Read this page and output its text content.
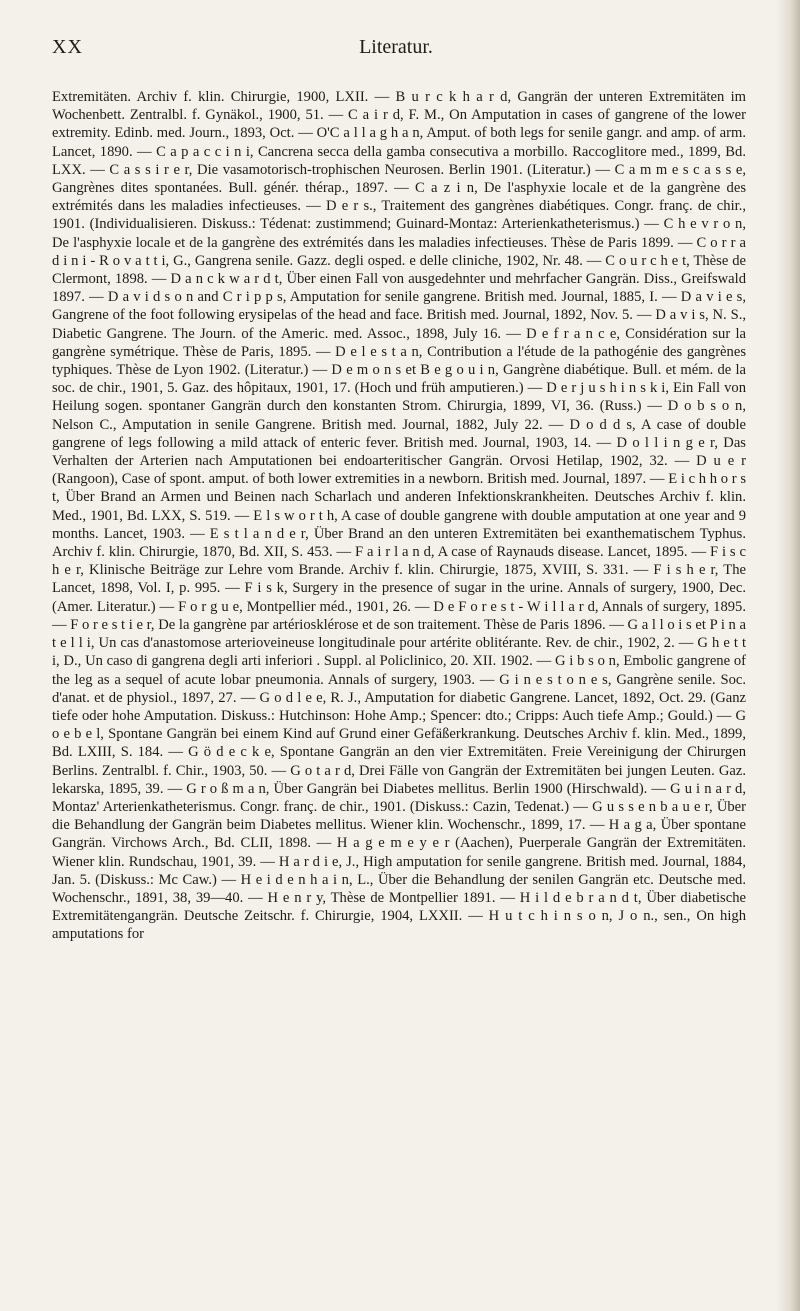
XX	Literatur.

Extremitäten. Archiv f. klin. Chirurgie, 1900, LXII. — B u r c k h a r d, Gangrän der unteren Extremitäten im Wochenbett. Zentralbl. f. Gynäkol., 1900, 51. — C a i r d, F. M., On Amputation in cases of gangrene of the lower extremity. Edinb. med. Journ., 1893, Oct. — O'C a l l a g h a n, Amput. of both legs for senile gangr. and amp. of arm. Lancet, 1890. — C a p a c c i n i, Cancrena secca della gamba consecutiva a morbillo. Raccoglitore med., 1899, Bd. LXX. — C a s s i r e r, Die vasamotorisch-trophischen Neurosen. Berlin 1901. (Literatur.) — C a m m e s c a s s e, Gangrènes dites spontanées. Bull. génér. thérap., 1897. — C a z i n, De l'asphyxie locale et de la gangrène des extrémités dans les maladies infectieuses. — D e r s., Traitement des gangrènes diabétiques. Congr. franç. de chir., 1901. (Individualisieren. Diskuss.: Tédenat: zustimmend; Guinard-Montaz: Arterienkatheterismus.) — C h e v r o n, De l'asphyxie locale et de la gangrène des extrémités dans les maladies infectieuses. Thèse de Paris 1899. — C o r r a d i n i - R o v a t t i, G., Gangrena senile. Gazz. degli osped. e delle cliniche, 1902, Nr. 48. — C o u r c h e t, Thèse de Clermont, 1898. — D a n c k w a r d t, Über einen Fall von ausgedehnter und mehrfacher Gangrän. Diss., Greifswald 1897. — D a v i d s o n and C r i p p s, Amputation for senile gangrene. British med. Journal, 1885, I. — D a v i e s, Gangrene of the foot following erysipelas of the head and face. British med. Journal, 1892, Nov. 5. — D a v i s, N. S., Diabetic Gangrene. The Journ. of the Americ. med. Assoc., 1898, July 16. — D e f r a n c e, Considération sur la gangrène symétrique. Thèse de Paris, 1895. — D e l e s t a n, Contribution a l'étude de la pathogénie des gangrènes typhiques. Thèse de Lyon 1902. (Literatur.) — D e m o n s et B e g o u i n, Gangrène diabétique. Bull. et mém. de la soc. de chir., 1901, 5. Gaz. des hôpitaux, 1901, 17. (Hoch und früh amputieren.) — D e r j u s h i n s k i, Ein Fall von Heilung sogen. spontaner Gangrän durch den konstanten Strom. Chirurgia, 1899, VI, 36. (Russ.) — D o b s o n, Nelson C., Amputation in senile Gangrene. British med. Journal, 1882, July 22. — D o d d s, A case of double gangrene of legs following a mild attack of enteric fever. British med. Journal, 1903, 14. — D o l l i n g e r, Das Verhalten der Arterien nach Amputationen bei endoarteritischer Gangrän. Orvosi Hetilap, 1902, 32. — D u e r (Rangoon), Case of spont. amput. of both lower extremities in a newborn. British med. Journal, 1897. — E i c h h o r s t, Über Brand an Armen und Beinen nach Scharlach und anderen Infektionskrankheiten. Deutsches Archiv f. klin. Med., 1901, Bd. LXX, S. 519. — E l s w o r t h, A case of double gangrene with double amputation at one year and 9 months. Lancet, 1903. — E s t l a n d e r, Über Brand an den unteren Extremitäten bei exanthematischem Typhus. Archiv f. klin. Chirurgie, 1870, Bd. XII, S. 453. — F a i r l a n d, A case of Raynauds disease. Lancet, 1895. — F i s c h e r, Klinische Beiträge zur Lehre vom Brande. Archiv f. klin. Chirurgie, 1875, XVIII, S. 331. — F i s h e r, The Lancet, 1898, Vol. I, p. 995. — F i s k, Surgery in the presence of sugar in the urine. Annals of surgery, 1900, Dec. (Amer. Literatur.) — F o r g u e, Montpellier méd., 1901, 26. — D e F o r e s t - W i l l a r d, Annals of surgery, 1895. — F o r e s t i e r, De la gangrène par artériosklérose et de son traitement. Thèse de Paris 1896. — G a l l o i s et P i n a t e l l i, Un cas d'anastomose arterioveineuse longitudinale pour artérite oblitérante. Rev. de chir., 1902, 2. — G h e t t i, D., Un caso di gangrena degli arti inferiori . Suppl. al Policlinico, 20. XII. 1902. — G i b s o n, Embolic gangrene of the leg as a sequel of acute lobar pneumonia. Annals of surgery, 1903. — G i n e s t o n e s, Gangrène senile. Soc. d'anat. et de physiol., 1897, 27. — G o d l e e, R. J., Amputation for diabetic Gangrene. Lancet, 1892, Oct. 29. (Ganz tiefe oder hohe Amputation. Diskuss.: Hutchinson: Hohe Amp.; Spencer: dto.; Cripps: Auch tiefe Amp.; Gould.) — G o e b e l, Spontane Gangrän bei einem Kind auf Grund einer Gefäßerkrankung. Deutsches Archiv f. klin. Med., 1899, Bd. LXIII, S. 184. — G ö d e c k e, Spontane Gangrän an den vier Extremitäten. Freie Vereinigung der Chirurgen Berlins. Zentralbl. f. Chir., 1903, 50. — G o t a r d, Drei Fälle von Gangrän der Extremitäten bei jungen Leuten. Gaz. lekarska, 1895, 39. — G r o ß m a n, Über Gangrän bei Diabetes mellitus. Berlin 1900 (Hirschwald). — G u i n a r d, Montaz' Arterienkatheterismus. Congr. franç. de chir., 1901. (Diskuss.: Cazin, Tedenat.) — G u s s e n b a u e r, Über die Behandlung der Gangrän beim Diabetes mellitus. Wiener klin. Wochenschr., 1899, 17. — H a g a, Über spontane Gangrän. Virchows Arch., Bd. CLII, 1898. — H a g e m e y e r (Aachen), Puerperale Gangrän der Extremitäten. Wiener klin. Rundschau, 1901, 39. — H a r d i e, J., High amputation for senile gangrene. British med. Journal, 1884, Jan. 5. (Diskuss.: Mc Caw.) — H e i d e n h a i n, L., Über die Behandlung der senilen Gangrän etc. Deutsche med. Wochenschr., 1891, 38, 39—40. — H e n r y, Thèse de Montpellier 1891. — H i l d e b r a n d t, Über diabetische Extremitätengangrän. Deutsche Zeitschr. f. Chirurgie, 1904, LXXII. — H u t c h i n s o n, J o n., sen., On high amputations for
